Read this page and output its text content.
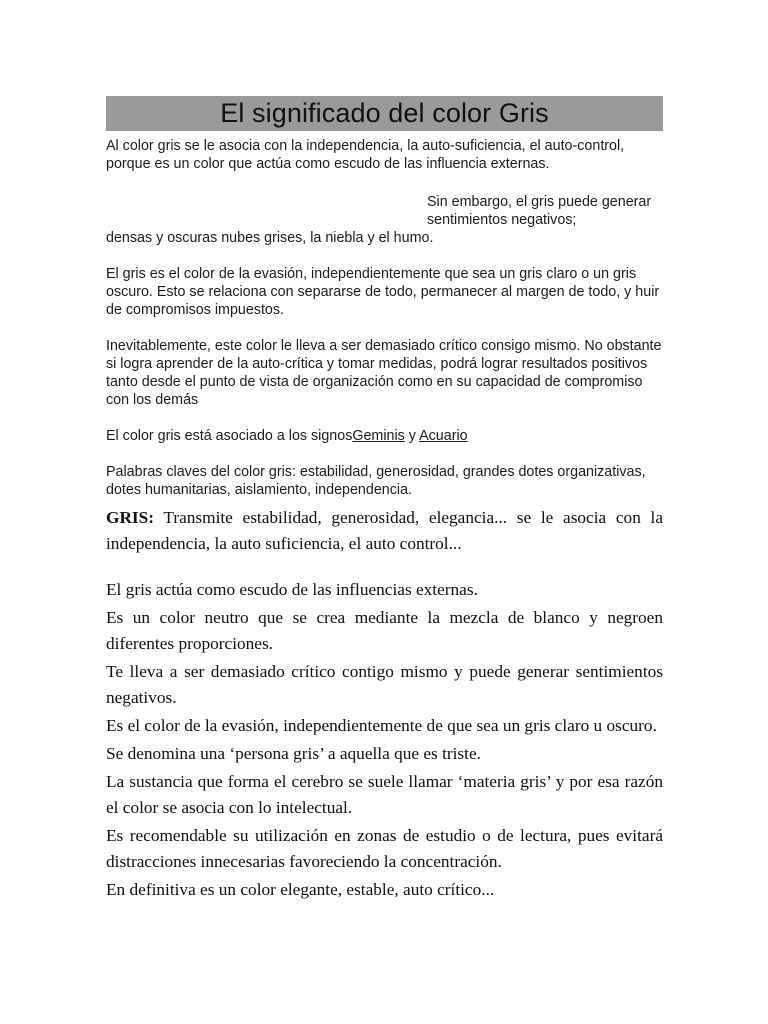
El significado del color Gris

Al color gris se le asocia con la independencia, la auto-suficiencia, el auto-control, porque es un color que actúa como escudo de las influencia externas.

Sin embargo, el gris puede generar sentimientos negativos;

densas y oscuras nubes grises, la niebla y el humo.

El gris es el color de la evasión, independientemente que sea un gris claro o un gris oscuro. Esto se relaciona con separarse de todo, permanecer al margen de todo, y huir de compromisos impuestos.

Inevitablemente, este color le lleva a ser demasiado crítico consigo mismo. No obstante si logra aprender de la auto-crítica y tomar medidas, podrá lograr resultados positivos tanto desde el punto de vista de organización como en su capacidad de compromiso con los demás

El color gris está asociado a los signosGeminis y Acuario

Palabras claves del color gris: estabilidad, generosidad, grandes dotes organizativas, dotes humanitarias, aislamiento, independencia.

GRIS: Transmite estabilidad, generosidad, elegancia... se le asocia con la independencia, la auto suficiencia, el auto control...

El gris actúa como escudo de las influencias externas.

Es un color neutro que se crea mediante la mezcla de blanco y negroen diferentes proporciones.

Te lleva a ser demasiado crítico contigo mismo y puede generar sentimientos negativos.

Es el color de la evasión, independientemente de que sea un gris claro u oscuro.

Se denomina una ‘persona gris’ a aquella que es triste.

La sustancia que forma el cerebro se suele llamar ‘materia gris’ y por esa razón el color se asocia con lo intelectual.

Es recomendable su utilización en zonas de estudio o de lectura, pues evitará distracciones innecesarias favoreciendo la concentración.

En definitiva es un color elegante, estable, auto crítico...
